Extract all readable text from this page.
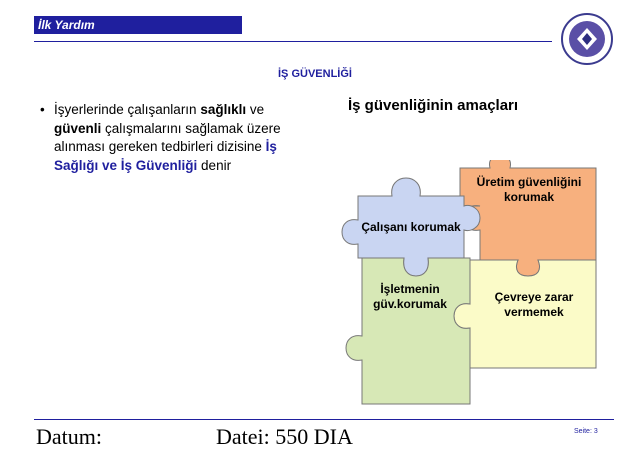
İlk Yardım
İŞ GÜVENLİĞİ
• İşyerlerinde çalışanların sağlıklı ve güvenli çalışmalarını sağlamak üzere alınması gereken tedbirleri dizisine İş Sağlığı ve İş Güvenliği denir
İş güvenliğinin amaçları
Çalışanı korumak
Üretim güvenliğini korumak
İşletmenin güv.korumak	Çevreye zarar vermemek
Datum:	Datei: 550 DIA	Seite: 3
